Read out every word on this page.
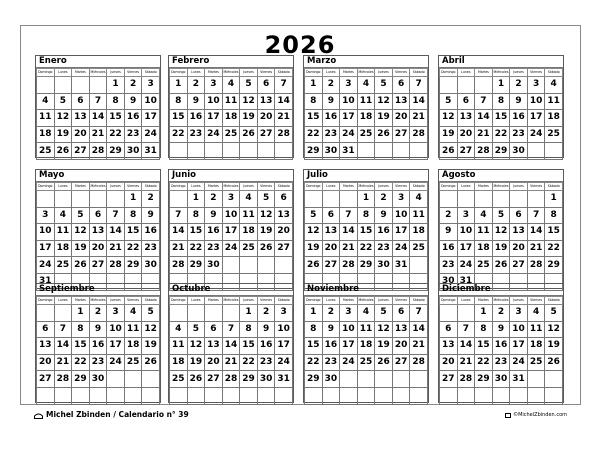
2026
Enero
Domingo	Lunes	Martes	Miércoles	Jueves	Viernes	Sábado
				1	2	3
4	5	6	7	8	9	10
11	12	13	14	15	16	17
18	19	20	21	22	23	24
25	26	27	28	29	30	31
Febrero
Domingo	Lunes	Martes	Miércoles	Jueves	Viernes	Sábado
1	2	3	4	5	6	7
8	9	10	11	12	13	14
15	16	17	18	19	20	21
22	23	24	25	26	27	28

Marzo
Domingo	Lunes	Martes	Miércoles	Jueves	Viernes	Sábado
1	2	3	4	5	6	7
8	9	10	11	12	13	14
15	16	17	18	19	20	21
22	23	24	25	26	27	28
29	30	31				
Abril
Domingo	Lunes	Martes	Miércoles	Jueves	Viernes	Sábado
			1	2	3	4
5	6	7	8	9	10	11
12	13	14	15	16	17	18
19	20	21	22	23	24	25
26	27	28	29	30		
Mayo
Domingo	Lunes	Martes	Miércoles	Jueves	Viernes	Sábado
					1	2
3	4	5	6	7	8	9
10	11	12	13	14	15	16
17	18	19	20	21	22	23
24	25	26	27	28	29	30
31						
Junio
Domingo	Lunes	Martes	Miércoles	Jueves	Viernes	Sábado
	1	2	3	4	5	6
7	8	9	10	11	12	13
14	15	16	17	18	19	20
21	22	23	24	25	26	27
28	29	30				

Julio
Domingo	Lunes	Martes	Miércoles	Jueves	Viernes	Sábado
			1	2	3	4
5	6	7	8	9	10	11
12	13	14	15	16	17	18
19	20	21	22	23	24	25
26	27	28	29	30	31	

Agosto
Domingo	Lunes	Martes	Miércoles	Jueves	Viernes	Sábado
						1
2	3	4	5	6	7	8
9	10	11	12	13	14	15
16	17	18	19	20	21	22
23	24	25	26	27	28	29
30	31					
Septiembre
Domingo	Lunes	Martes	Miércoles	Jueves	Viernes	Sábado
		1	2	3	4	5
6	7	8	9	10	11	12
13	14	15	16	17	18	19
20	21	22	23	24	25	26
27	28	29	30			

Octubre
Domingo	Lunes	Martes	Miércoles	Jueves	Viernes	Sábado
				1	2	3
4	5	6	7	8	9	10
11	12	13	14	15	16	17
18	19	20	21	22	23	24
25	26	27	28	29	30	31

Noviembre
Domingo	Lunes	Martes	Miércoles	Jueves	Viernes	Sábado
1	2	3	4	5	6	7
8	9	10	11	12	13	14
15	16	17	18	19	20	21
22	23	24	25	26	27	28
29	30					

Diciembre
Domingo	Lunes	Martes	Miércoles	Jueves	Viernes	Sábado
		1	2	3	4	5
6	7	8	9	10	11	12
13	14	15	16	17	18	19
20	21	22	23	24	25	26
27	28	29	30	31		

Michel Zbinden / Calendario n° 39	©MichelZbinden.com
